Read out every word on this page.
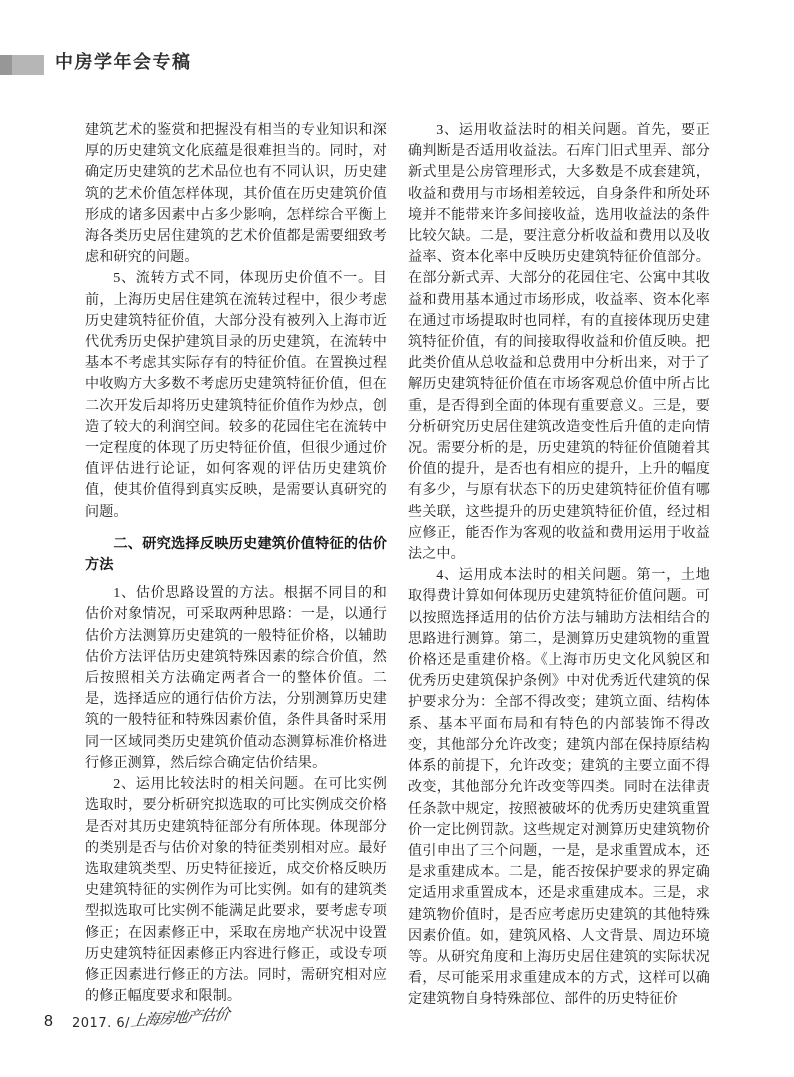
中房学年会专稿

建筑艺术的鉴赏和把握没有相当的专业知识和深厚的历史建筑文化底蕴是很难担当的。同时，对确定历史建筑的艺术品位也有不同认识，历史建筑的艺术价值怎样体现，其价值在历史建筑价值形成的诸多因素中占多少影响，怎样综合平衡上海各类历史居住建筑的艺术价值都是需要细致考虑和研究的问题。

5、流转方式不同，体现历史价值不一。目前，上海历史居住建筑在流转过程中，很少考虑历史建筑特征价值，大部分没有被列入上海市近代优秀历史保护建筑目录的历史建筑，在流转中基本不考虑其实际存有的特征价值。在置换过程中收购方大多数不考虑历史建筑特征价值，但在二次开发后却将历史建筑特征价值作为炒点，创造了较大的利润空间。较多的花园住宅在流转中一定程度的体现了历史特征价值，但很少通过价值评估进行论证，如何客观的评估历史建筑价值，使其价值得到真实反映，是需要认真研究的问题。

二、研究选择反映历史建筑价值特征的估价方法

1、估价思路设置的方法。根据不同目的和估价对象情况，可采取两种思路：一是，以通行估价方法测算历史建筑的一般特征价格，以辅助估价方法评估历史建筑特殊因素的综合价值，然后按照相关方法确定两者合一的整体价值。二是，选择适应的通行估价方法，分别测算历史建筑的一般特征和特殊因素价值，条件具备时采用同一区域同类历史建筑价值动态测算标准价格进行修正测算，然后综合确定估价结果。

2、运用比较法时的相关问题。在可比实例选取时，要分析研究拟选取的可比实例成交价格是否对其历史建筑特征部分有所体现。体现部分的类别是否与估价对象的特征类别相对应。最好选取建筑类型、历史特征接近，成交价格反映历史建筑特征的实例作为可比实例。如有的建筑类型拟选取可比实例不能满足此要求，要考虑专项修正；在因素修正中，采取在房地产状况中设置历史建筑特征因素修正内容进行修正，或设专项修正因素进行修正的方法。同时，需研究相对应的修正幅度要求和限制。

3、运用收益法时的相关问题。首先，要正确判断是否适用收益法。石库门旧式里弄、部分新式里是公房管理形式，大多数是不成套建筑，收益和费用与市场相差较远，自身条件和所处环境并不能带来许多间接收益，选用收益法的条件比较欠缺。二是，要注意分析收益和费用以及收益率、资本化率中反映历史建筑特征价值部分。在部分新式弄、大部分的花园住宅、公寓中其收益和费用基本通过市场形成，收益率、资本化率在通过市场提取时也同样，有的直接体现历史建筑特征价值，有的间接取得收益和价值反映。把此类价值从总收益和总费用中分析出来，对于了解历史建筑特征价值在市场客观总价值中所占比重，是否得到全面的体现有重要意义。三是，要分析研究历史居住建筑改造变性后升值的走向情况。需要分析的是，历史建筑的特征价值随着其价值的提升，是否也有相应的提升，上升的幅度有多少，与原有状态下的历史建筑特征价值有哪些关联，这些提升的历史建筑特征价值，经过相应修正，能否作为客观的收益和费用运用于收益法之中。

4、运用成本法时的相关问题。第一，土地取得费计算如何体现历史建筑特征价值问题。可以按照选择适用的估价方法与辅助方法相结合的思路进行测算。第二，是测算历史建筑物的重置价格还是重建价格。《上海市历史文化风貌区和优秀历史建筑保护条例》中对优秀近代建筑的保护要求分为：全部不得改变；建筑立面、结构体系、基本平面布局和有特色的内部装饰不得改变，其他部分允许改变；建筑内部在保持原结构体系的前提下，允许改变；建筑的主要立面不得改变，其他部分允许改变等四类。同时在法律责任条款中规定，按照被破坏的优秀历史建筑重置价一定比例罚款。这些规定对测算历史建筑物价值引申出了三个问题，一是，是求重置成本，还是求重建成本。二是，能否按保护要求的界定确定适用求重置成本，还是求重建成本。三是，求建筑物价值时，是否应考虑历史建筑的其他特殊因素价值。如，建筑风格、人文背景、周边环境等。从研究角度和上海历史居住建筑的实际状况看，尽可能采用求重建成本的方式，这样可以确定建筑物自身特殊部位、部件的历史特征价

8 2017. 6/ 上海房地产估价
